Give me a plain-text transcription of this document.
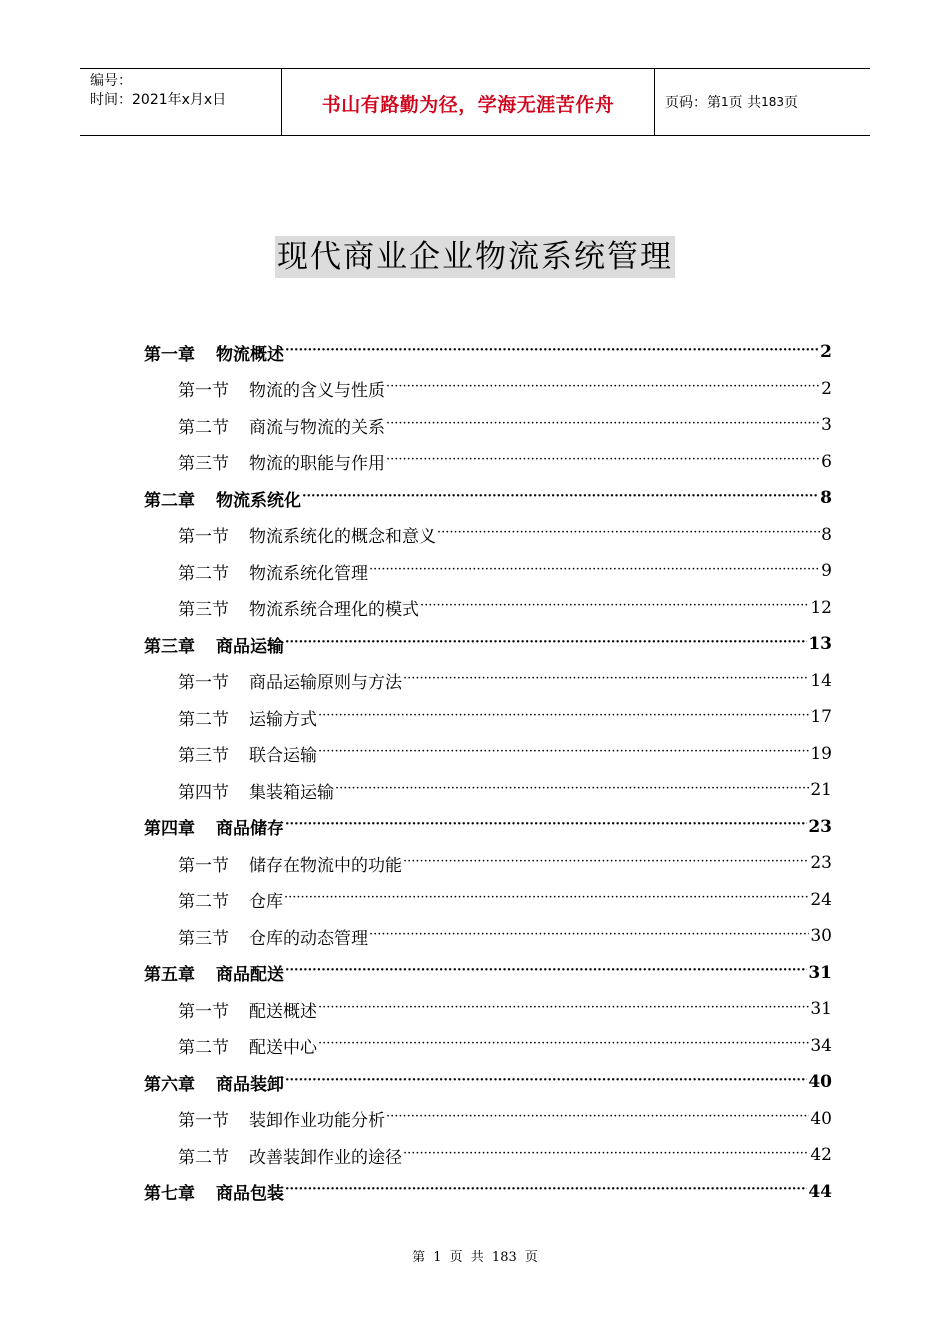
编号：
时间：2021年x月x日	书山有路勤为径，学海无涯苦作舟	页码：第 1 页 共 183 页
现代商业企业物流系统管理
第一章 物流概述 ·····	2
第一节 物流的含义与性质 ·····	2
第二节 商流与物流的关系 ·····	3
第三节 物流的职能与作用 ·····	6
第二章 物流系统化 ·····	8
第一节 物流系统化的概念和意义 ·····	8
第二节 物流系统化管理 ·····	9
第三节 物流系统合理化的模式 ·····	12
第三章 商品运输 ·····	13
第一节 商品运输原则与方法 ·····	14
第二节 运输方式 ·····	17
第三节 联合运输 ·····	19
第四节 集装箱运输 ·····	21
第四章 商品储存 ·····	23
第一节 储存在物流中的功能 ·····	23
第二节 仓库 ·····	24
第三节 仓库的动态管理 ·····	30
第五章 商品配送 ·····	31
第一节 配送概述 ·····	31
第二节 配送中心 ·····	34
第六章 商品装卸 ·····	40
第一节 装卸作业功能分析 ·····	40
第二节 改善装卸作业的途径 ·····	42
第七章 商品包装 ·····	44
第 1 页 共 183 页
